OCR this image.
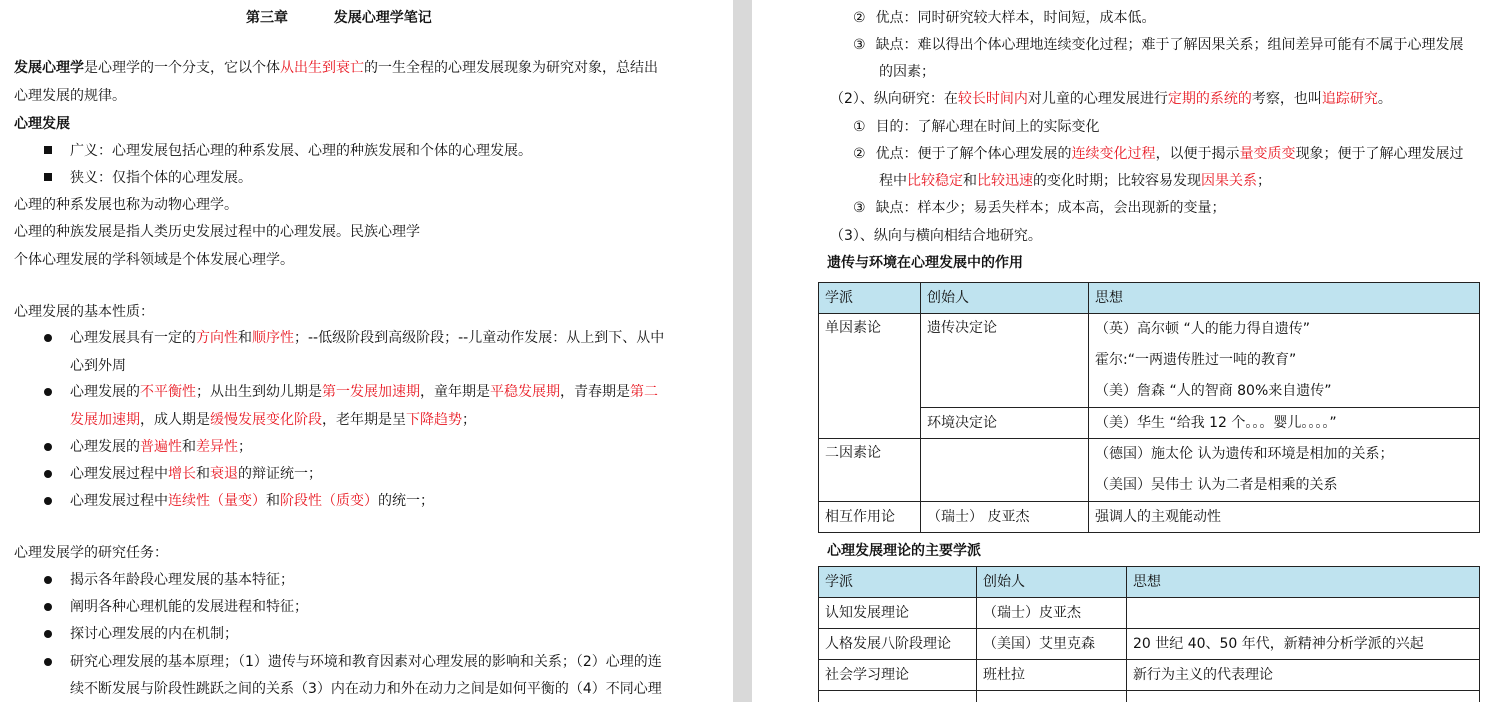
第三章	发展心理学笔记
发展心理学是心理学的一个分支，它以个体从出生到衰亡的一生全程的心理发展现象为研究对象，总结出
心理发展的规律。
心理发展
广义：心理发展包括心理的种系发展、心理的种族发展和个体的心理发展。
狭义：仅指个体的心理发展。
心理的种系发展也称为动物心理学。
心理的种族发展是指人类历史发展过程中的心理发展。民族心理学
个体心理发展的学科领域是个体发展心理学。
心理发展的基本性质：
心理发展具有一定的方向性和顺序性；--低级阶段到高级阶段；--儿童动作发展：从上到下、从中
心到外周
心理发展的不平衡性；从出生到幼儿期是第一发展加速期，童年期是平稳发展期，青春期是第二
发展加速期，成人期是缓慢发展变化阶段，老年期是呈下降趋势；
心理发展的普遍性和差异性；
心理发展过程中增长和衰退的辩证统一；
心理发展过程中连续性（量变）和阶段性（质变）的统一；
心理发展学的研究任务：
揭示各年龄段心理发展的基本特征；
阐明各种心理机能的发展进程和特征；
探讨心理发展的内在机制；
研究心理发展的基本原理；（1）遗传与环境和教育因素对心理发展的影响和关系；（2）心理的连
续不断发展与阶段性跳跃之间的关系（3）内在动力和外在动力之间是如何平衡的（4）不同心理
② 优点：同时研究较大样本，时间短，成本低。
③ 缺点：难以得出个体心理地连续变化过程；难于了解因果关系；组间差异可能有不属于心理发展
的因素；
（2）、纵向研究：在较长时间内对儿童的心理发展进行定期的系统的考察，也叫追踪研究。
① 目的：了解心理在时间上的实际变化
② 优点：便于了解个体心理发展的连续变化过程，以便于揭示量变质变现象；便于了解心理发展过
程中比较稳定和比较迅速的变化时期；比较容易发现因果关系；
③ 缺点：样本少；易丢失样本；成本高，会出现新的变量；
（3）、纵向与横向相结合地研究。
遗传与环境在心理发展中的作用
学派	创始人	思想
单因素论	遗传决定论	（英）高尔顿 “人的能力得自遗传”
霍尔:“一两遗传胜过一吨的教育”
（美）詹森 “人的智商 80%来自遗传”

	环境决定论	（美）华生 “给我 12 个。。。婴儿。。。。”
二因素论		（德国）施太伦 认为遗传和环境是相加的关系；
（美国）吴伟士 认为二者是相乘的关系

相互作用论	（瑞士） 皮亚杰	强调人的主观能动性
心理发展理论的主要学派
学派	创始人	思想
认知发展理论	（瑞士）皮亚杰	
人格发展八阶段理论	（美国）艾里克森	20 世纪 40、50 年代，新精神分析学派的兴起
社会学习理论	班杜拉	新行为主义的代表理论
